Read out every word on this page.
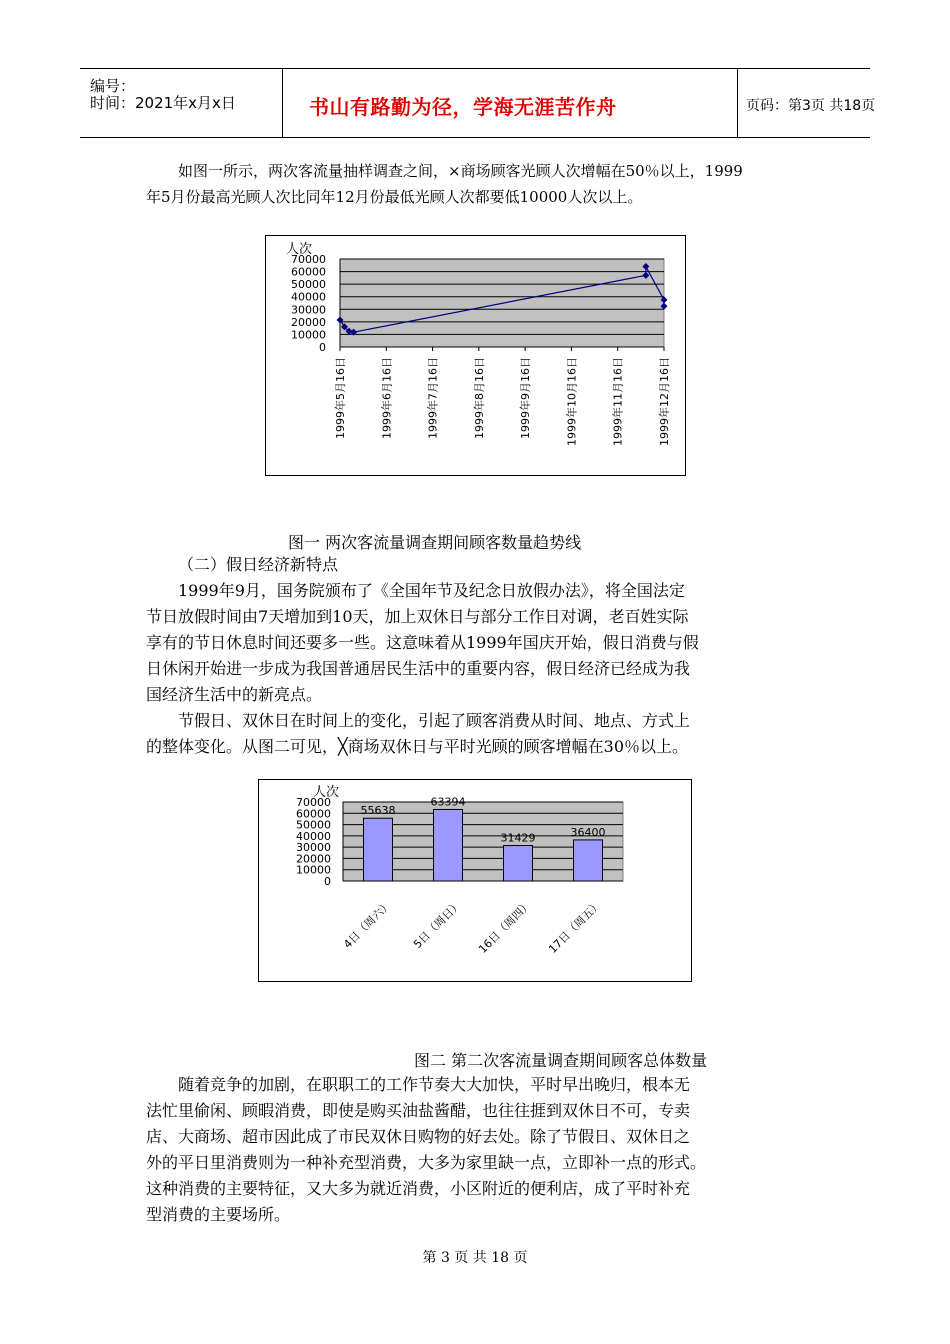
编号：
时间：2021年x月x日	书山有路勤为径，学海无涯苦作舟	页码：第3页 共18页
如图一所示，两次客流量抽样调查之间，×商场顾客光顾人次增幅在50％以上，1999
年5月份最高光顾人次比同年12月份最低光顾人次都要低10000人次以上。
0
10000
20000
30000
40000
50000
60000
70000
人次
1999年5月16日	1999年6月16日	1999年7月16日	1999年8月16日	1999年9月16日	1999年10月16日	1999年11月16日	1999年12月16日
图一 两次客流量调查期间顾客数量趋势线
（二）假日经济新特点
1999年9月，国务院颁布了《全国年节及纪念日放假办法》，将全国法定
节日放假时间由7天增加到10天，加上双休日与部分工作日对调，老百姓实际
享有的节日休息时间还要多一些。这意味着从1999年国庆开始，假日消费与假
日休闲开始进一步成为我国普通居民生活中的重要内容，假日经济已经成为我
国经济生活中的新亮点。
节假日、双休日在时间上的变化，引起了顾客消费从时间、地点、方式上
的整体变化。从图二可见，╳商场双休日与平时光顾的顾客增幅在30％以上。
0
10000
20000
30000
40000
50000
60000
70000
人次
55638
4日（周六）
63394
5日（周日）
31429
16日（周四）
36400
17日（周五）
图二 第二次客流量调查期间顾客总体数量
随着竞争的加剧，在职职工的工作节奏大大加快，平时早出晚归，根本无
法忙里偷闲、顾暇消费，即使是购买油盐酱醋，也往往捱到双休日不可，专卖
店、大商场、超市因此成了市民双休日购物的好去处。除了节假日、双休日之
外的平日里消费则为一种补充型消费，大多为家里缺一点，立即补一点的形式。
这种消费的主要特征，又大多为就近消费，小区附近的便利店，成了平时补充
型消费的主要场所。
第 3 页 共 18 页
